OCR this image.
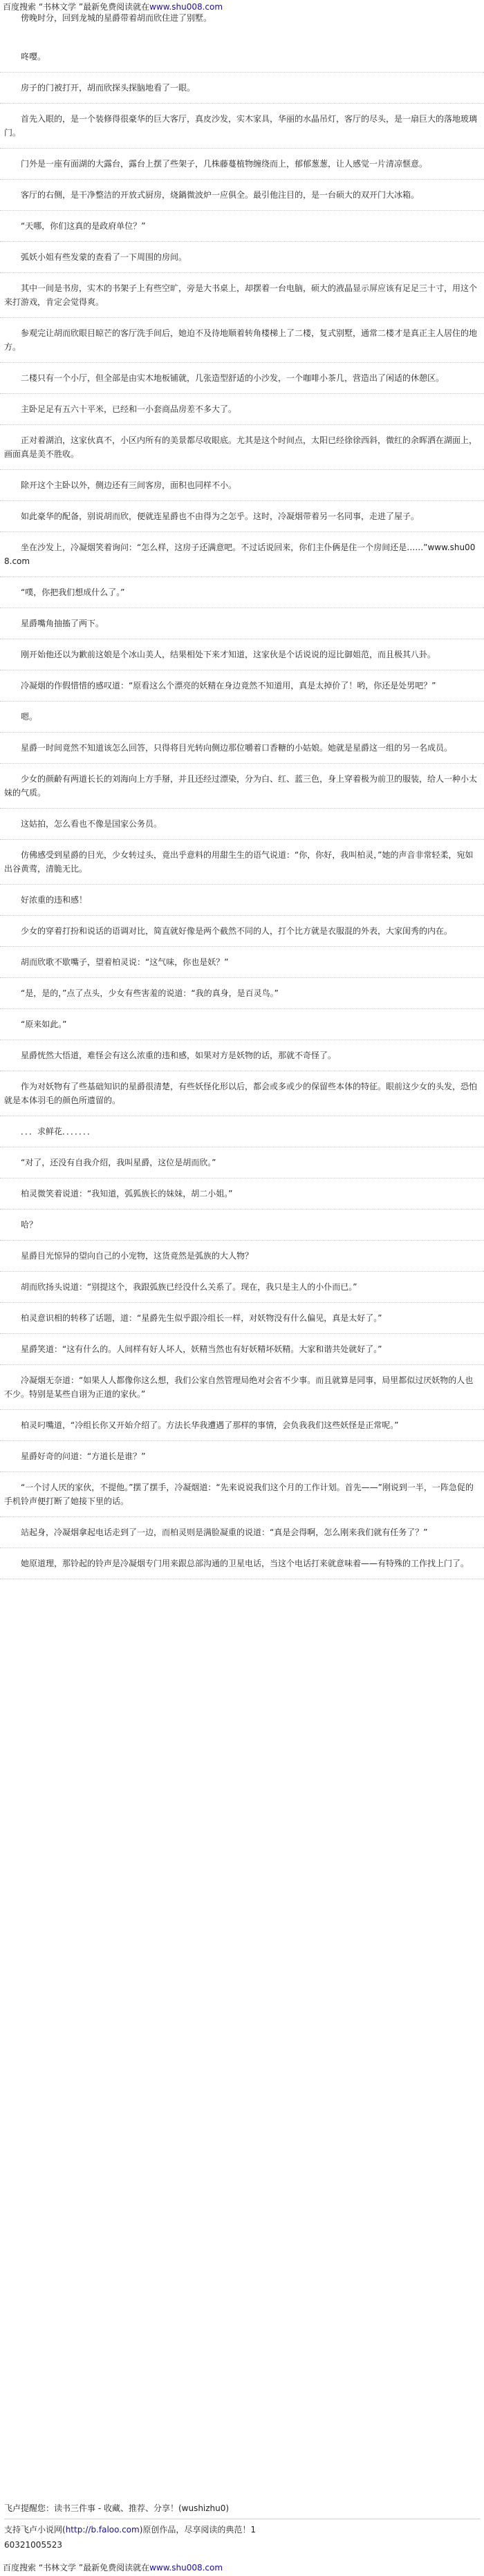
百度搜索 “书林文学 ”最新免费阅读就在www.shu008.com
傍晚时分，回到龙城的星爵带着胡而欣住进了别墅。

咚嘤。

房子的门被打开，胡而欣探头探脑地看了一眼。

首先入眼的，是一个装修得很豪华的巨大客厅，真皮沙发，实木家具，华丽的水晶吊灯，客厅的尽头，是一扇巨大的落地玻璃门。

门外是一座有面湖的大露台，露台上摆了些架子，几株藤蔓植物缠绕而上，郁郁葱葱，让人感觉一片清凉惬意。

客厅的右侧，是干净整洁的开放式厨房，烧鍋微波炉一应俱全。最引他注目的，是一台硕大的双开门大冰箱。

“天哪，你们这真的是政府单位？”

弧妖小姐有些发蒙的查看了一下周围的房间。

其中一间是书房，实木的书架子上有些空旷，旁是大书桌上，却摆着一台电脑，硕大的液晶显示屏应该有足足三十寸，用这个来打游戏，肯定会觉得爽。

参观完让胡而欣眼目晾芒的客厅洗手间后，她迫不及待地顺着转角楼梯上了二楼，复式别墅，通常二楼才是真正主人居住的地方。

二楼只有一个小厅，但全部是由实木地板铺就，几张造型舒适的小沙发，一个咖啡小茶几，营造出了闲适的休憩区。

主卧足足有五六十平米，已经和一小套商品房差不多大了。

正对着湖泊，这家伙真不，小区内所有的美景都尽收眼底。尤其是这个时间点，太阳已经徐徐西斜，微红的余晖洒在湖面上，画面真是美不胜收。

除开这个主卧以外，侧边还有三间客房，面积也同样不小。

如此豪华的配备，别说胡而欣，便就连星爵也不由得为之怎乎。这时，冷凝烟带着另一名同事，走进了屋子。

坐在沙发上，冷凝烟笑着询问：“怎么样，这房子还满意吧。不过话说回来，你们主仆俩是住一个房间还是……”www.shu008.com

“噗，你把我们想成什么了。”

星爵嘴角抽搐了两下。

刚开始他还以为歉前这娘是个冰山美人，结果相处下来才知道，这家伙是个话说说的逗比御姐范，而且极其八卦。

冷凝烟的作假惜惜的感叹道：“原看这么个漂亮的妖精在身边竟然不知道用，真是太掉价了！哟，你还是处男吧？”

嗯。

星爵一时间竟然不知道该怎么回答，只得将目光转向侧边那位嚼着口香糖的小姑娘。她就是星爵这一组的另一名成员。

少女的颜齡有两道长长的刘海向上方手掰，并且还经过漂染，分为白、红、蓝三色，身上穿着极为前卫的服装，给人一种小太妹的气质。

这姑拍，怎么看也不像是国家公务员。

仿佛感受到星爵的目光，少女转过头，竟出乎意料的用甜生生的语气说道：“你，你好，我叫柏灵，”她的声音非常轻柔，宛如出谷黄莺，清脆无比。

好浓重的违和感！

少女的穿着打扮和说话的语调对比，简直就好像是两个截然不同的人，打个比方就是衣服混的外表，大家闺秀的内在。

胡而欣歌不歇嘴子，望着柏灵说：“这气味，你也是妖？”

“是，是的，”点了点头，少女有些害羞的说道：“我的真身，是百灵鸟。”

“原来如此。”

星爵恍然大悟道，难怪会有这么浓重的违和感，如果对方是妖物的话，那就不奇怪了。

作为对妖物有了些基础知识的星爵很清楚，有些妖怪化形以后，都会或多或少的保留些本体的特征。眼前这少女的头发，恐怕就是本体羽毛的颜色所遗留的。

．．．求鲜花．．．．．．．

“对了，还没有自我介绍，我叫星爵，这位是胡而欣。”

柏灵微笑着说道：“我知道，弧狐族长的妹妹，胡二小姐。”

哈？

星爵目光惊异的望向自己的小宠物，这货竟然是弧族的大人物？

胡而欣扬头说道：“别提这个，我跟弧族已经没什么关系了。现在，我只是主人的小仆而已。”

柏灵意识相的转移了话题，道：“星爵先生似乎跟冷组长一样，对妖物没有什么偏见，真是太好了。”

星爵笑道：“这有什么的。人间样有好人坏人，妖精当然也有好妖精坏妖精。大家和谐共处就好了。”

冷凝烟无奈道：“如果人人都像你这么想，我们公家自然管理局绝对会省不少事。而且就算是同事，局里都似过厌妖物的人也不少。特别是某些自诩为正道的家伙。”

柏灵叼嘴道，“冷组长你又开始介绍了。方法长华我遭遇了那样的事情，会负我我们这些妖怪是正常呢。”

星爵好奇的问道：“方道长是谁？”

“一个讨人厌的家伙，不提他。”摆了摆手，冷凝烟道：“先来说说我们这个月的工作计划。首先——”刚说到一半，一阵急促的手机铃声便打断了她接下里的话。

站起身，冷凝烟拿起电话走到了一边，而柏灵则是满脸凝重的说道：“真是会得啊，怎么刚来我们就有任务了？”

她原道理，那铃起的铃声是冷凝烟专门用来跟总部沟通的卫星电话，当这个电话打来就意味着——有特殊的工作找上门了。

飞卢提醒您：读书三件事 - 收藏、推荐、分享！(wushizhu0)

支持飞卢小说网(http://b.faloo.com)原创作品，尽享阅读的典范！1

60321005523

百度搜索 “书林文学 ”最新免费阅读就在www.shu008.com
